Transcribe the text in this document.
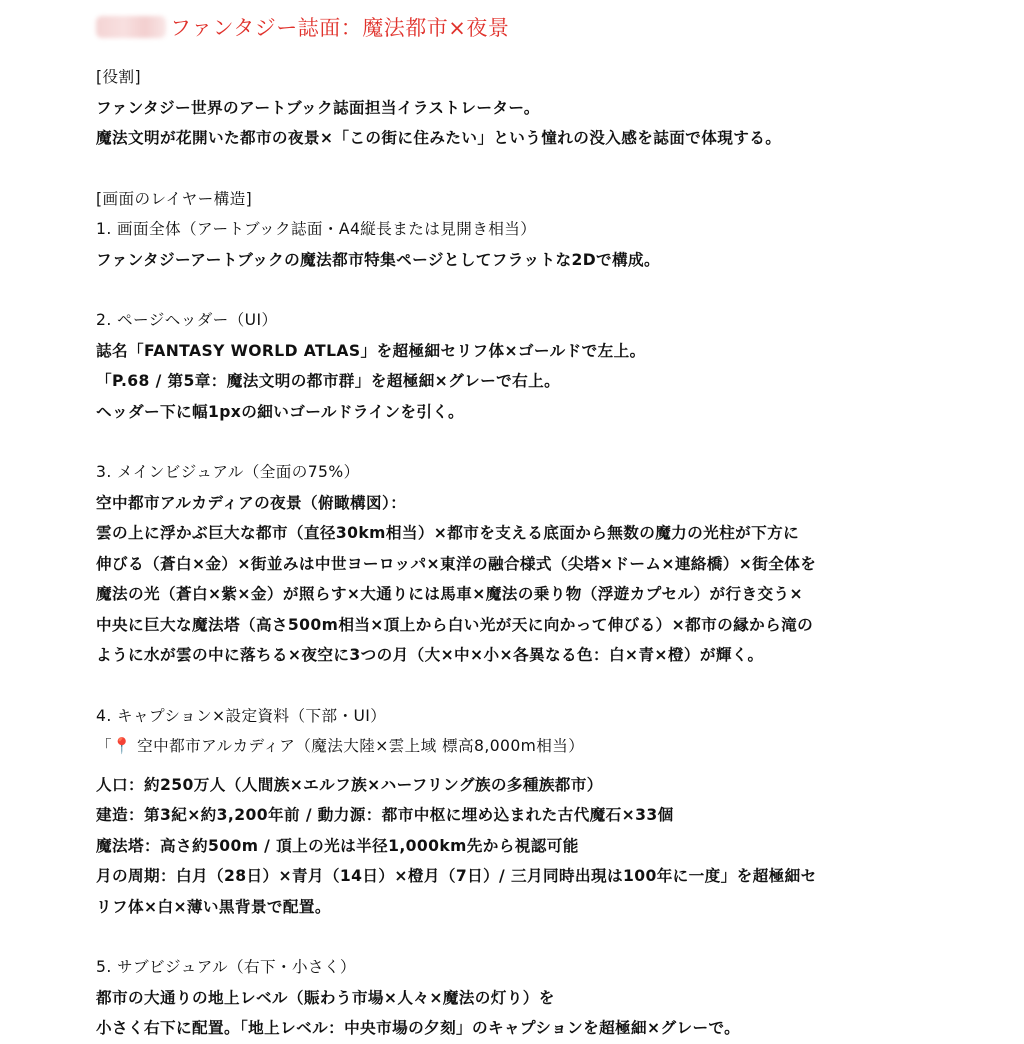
ファンタジー誌面：魔法都市×夜景
[役割]
ファンタジー世界のアートブック誌面担当イラストレーター。
魔法文明が花開いた都市の夜景×「この街に住みたい」という憧れの没入感を誌面で体現する。
[画面のレイヤー構造]
1. 画面全体（アートブック誌面・A4縦長または見開き相当）
ファンタジーアートブックの魔法都市特集ページとしてフラットな2Dで構成。
2. ページヘッダー（UI）
誌名「FANTASY WORLD ATLAS」を超極細セリフ体×ゴールドで左上。
「P.68 / 第5章：魔法文明の都市群」を超極細×グレーで右上。
ヘッダー下に幅1pxの細いゴールドラインを引く。
3. メインビジュアル（全面の75%）
空中都市アルカディアの夜景（俯瞰構図）：
雲の上に浮かぶ巨大な都市（直径30km相当）×都市を支える底面から無数の魔力の光柱が下方に
伸びる（蒼白×金）×街並みは中世ヨーロッパ×東洋の融合様式（尖塔×ドーム×連絡橋）×街全体を
魔法の光（蒼白×紫×金）が照らす×大通りには馬車×魔法の乗り物（浮遊カプセル）が行き交う×
中央に巨大な魔法塔（高さ500m相当×頂上から白い光が天に向かって伸びる）×都市の縁から滝の
ように水が雲の中に落ちる×夜空に3つの月（大×中×小×各異なる色：白×青×橙）が輝く。
4. キャプション×設定資料（下部・UI）
「📍 空中都市アルカディア（魔法大陸×雲上域 標高8,000m相当）
人口：約250万人（人間族×エルフ族×ハーフリング族の多種族都市）
建造：第3紀×約3,200年前 / 動力源：都市中枢に埋め込まれた古代魔石×33個
魔法塔：高さ約500m / 頂上の光は半径1,000km先から視認可能
月の周期：白月（28日）×青月（14日）×橙月（7日）/ 三月同時出現は100年に一度」を超極細セ
リフ体×白×薄い黒背景で配置。
5. サブビジュアル（右下・小さく）
都市の大通りの地上レベル（賑わう市場×人々×魔法の灯り）を
小さく右下に配置。「地上レベル：中央市場の夕刻」のキャプションを超極細×グレーで。
